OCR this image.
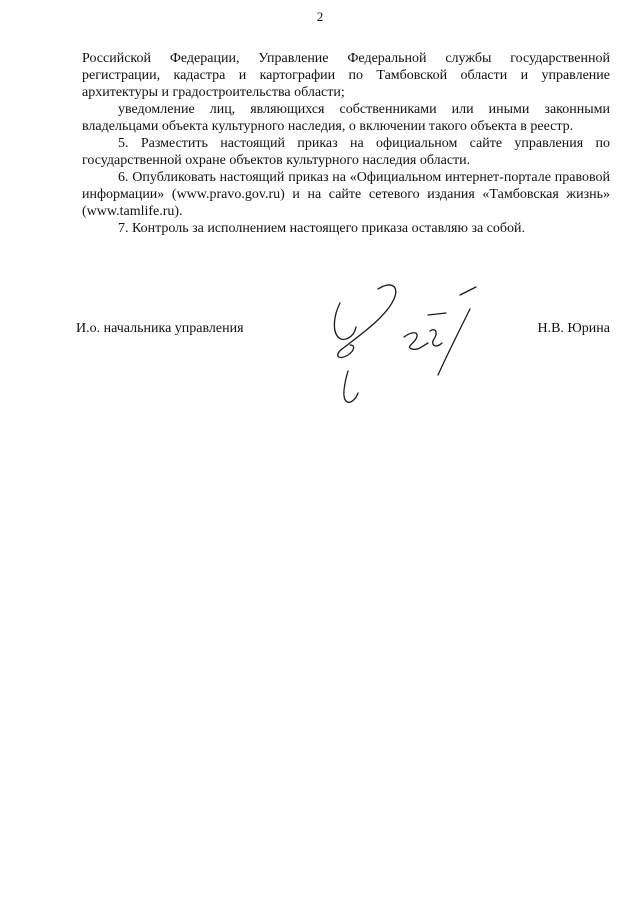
2

Российской Федерации, Управление Федеральной службы государственной регистрации, кадастра и картографии по Тамбовской области и управление архитектуры и градостроительства области;

уведомление лиц, являющихся собственниками или иными законными владельцами объекта культурного наследия, о включении такого объекта в реестр.

5. Разместить настоящий приказ на официальном сайте управления по государственной охране объектов культурного наследия области.

6. Опубликовать настоящий приказ на «Официальном интернет-портале правовой информации» (www.pravo.gov.ru) и на сайте сетевого издания «Тамбовская жизнь» (www.tamlife.ru).

7. Контроль за исполнением настоящего приказа оставляю за собой.

И.о. начальника управления	Н.В. Юрина
